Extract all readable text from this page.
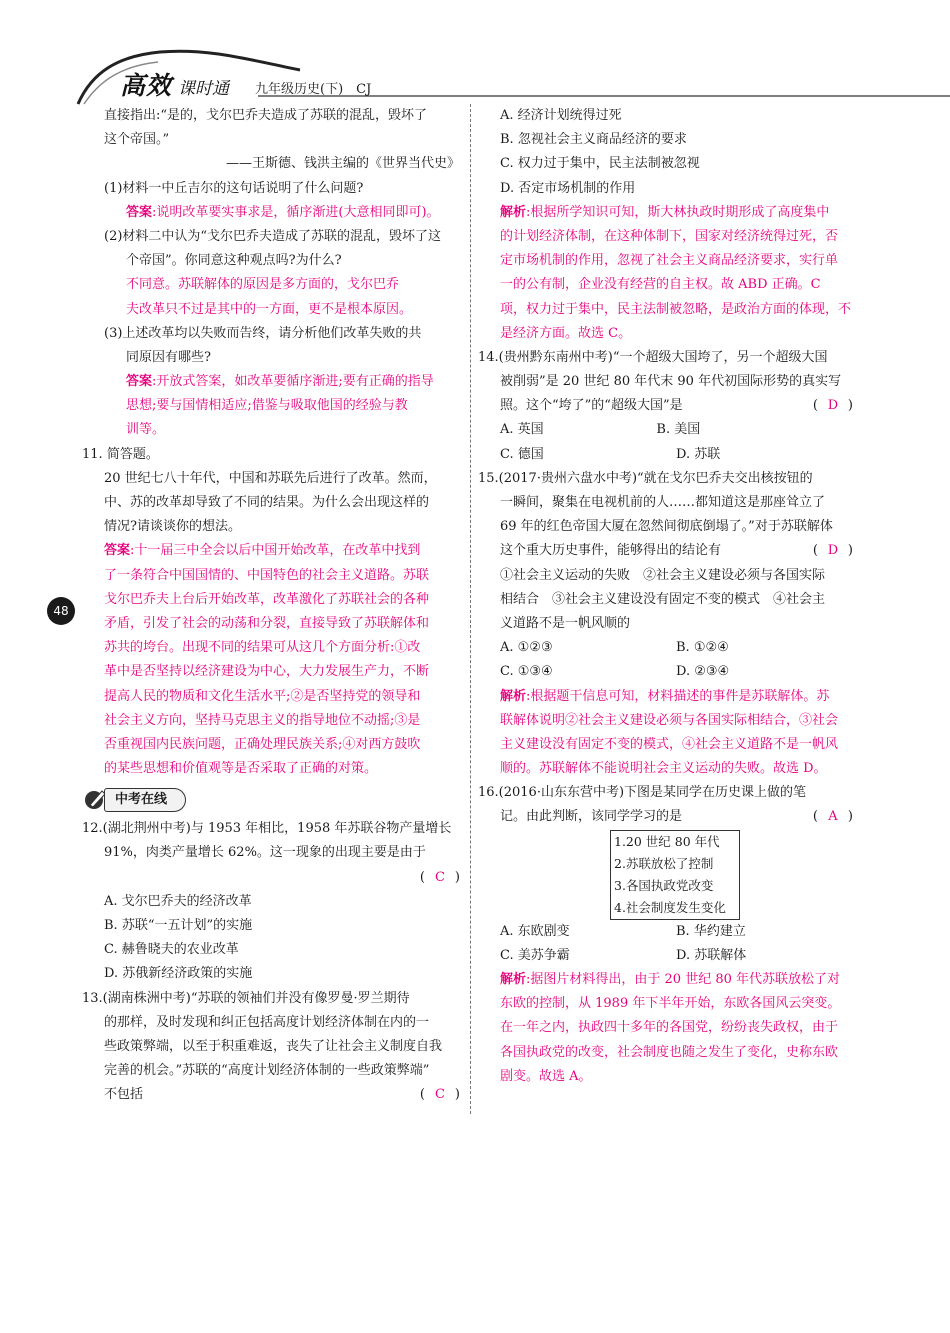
高效 课时通 九年级历史(下)　CJ
48
直接指出:“是的，戈尔巴乔夫造成了苏联的混乱，毁坏了
这个帝国。”
——王斯德、钱洪主编的《世界当代史》
(1)材料一中丘吉尔的这句话说明了什么问题?
答案:说明改革要实事求是，循序渐进(大意相同即可)。
(2)材料二中认为“戈尔巴乔夫造成了苏联的混乱，毁坏了这
个帝国”。你同意这种观点吗?为什么?
不同意。苏联解体的原因是多方面的，戈尔巴乔
夫改革只不过是其中的一方面，更不是根本原因。
(3)上述改革均以失败而告终，请分析他们改革失败的共
同原因有哪些?
答案:开放式答案，如改革要循序渐进;要有正确的指导
思想;要与国情相适应;借鉴与吸取他国的经验与教
训等。
11. 简答题。
20 世纪七八十年代，中国和苏联先后进行了改革。然而，
中、苏的改革却导致了不同的结果。为什么会出现这样的
情况?请谈谈你的想法。
答案:十一届三中全会以后中国开始改革，在改革中找到
了一条符合中国国情的、中国特色的社会主义道路。苏联
戈尔巴乔夫上台后开始改革，改革激化了苏联社会的各种
矛盾，引发了社会的动荡和分裂，直接导致了苏联解体和
苏共的垮台。出现不同的结果可从这几个方面分析:①改
革中是否坚持以经济建设为中心，大力发展生产力，不断
提高人民的物质和文化生活水平;②是否坚持党的领导和
社会主义方向，坚持马克思主义的指导地位不动摇;③是
否重视国内民族问题，正确处理民族关系;④对西方鼓吹
的某些思想和价值观等是否采取了正确的对策。
中考在线
12.(湖北荆州中考)与 1953 年相比，1958 年苏联谷物产量增长
91%，肉类产量增长 62%。这一现象的出现主要是由于
( C )
A. 戈尔巴乔夫的经济改革
B. 苏联“一五计划”的实施
C. 赫鲁晓夫的农业改革
D. 苏俄新经济政策的实施
13.(湖南株洲中考)“苏联的领袖们并没有像罗曼·罗兰期待
的那样，及时发现和纠正包括高度计划经济体制在内的一
些政策弊端，以至于积重难返，丧失了让社会主义制度自我
完善的机会。”苏联的“高度计划经济体制的一些政策弊端”
不包括	( C )
A. 经济计划统得过死
B. 忽视社会主义商品经济的要求
C. 权力过于集中，民主法制被忽视
D. 否定市场机制的作用
解析:根据所学知识可知，斯大林执政时期形成了高度集中
的计划经济体制，在这种体制下，国家对经济统得过死，否
定市场机制的作用，忽视了社会主义商品经济要求，实行单
一的公有制，企业没有经营的自主权。故 ABD 正确。C
项，权力过于集中，民主法制被忽略，是政治方面的体现，不
是经济方面。故选 C。
14.(贵州黔东南州中考)“一个超级大国垮了，另一个超级大国
被削弱”是 20 世纪 80 年代末 90 年代初国际形势的真实写
照。这个“垮了”的“超级大国”是	( D )
A. 英国	B. 美国
C. 德国	D. 苏联
15.(2017·贵州六盘水中考)“就在戈尔巴乔夫交出核按钮的
一瞬间，聚集在电视机前的人……都知道这是那座耸立了
69 年的红色帝国大厦在忽然间彻底倒塌了。”对于苏联解体
这个重大历史事件，能够得出的结论有	( D )
①社会主义运动的失败　②社会主义建设必须与各国实际
相结合　③社会主义建设没有固定不变的模式　④社会主
义道路不是一帆风顺的
A. ①②③	B. ①②④
C. ①③④	D. ②③④
解析:根据题干信息可知，材料描述的事件是苏联解体。苏
联解体说明②社会主义建设必须与各国实际相结合，③社会
主义建设没有固定不变的模式，④社会主义道路不是一帆风
顺的。苏联解体不能说明社会主义运动的失败。故选 D。
16.(2016·山东东营中考)下图是某同学在历史课上做的笔
记。由此判断，该同学学习的是	( A )
1.20 世纪 80 年代
2.苏联放松了控制
3.各国执政党改变
4.社会制度发生变化
A. 东欧剧变	B. 华约建立
C. 美苏争霸	D. 苏联解体
解析:据图片材料得出，由于 20 世纪 80 年代苏联放松了对
东欧的控制，从 1989 年下半年开始，东欧各国风云突变。
在一年之内，执政四十多年的各国党，纷纷丧失政权，由于
各国执政党的改变，社会制度也随之发生了变化，史称东欧
剧变。故选 A。
